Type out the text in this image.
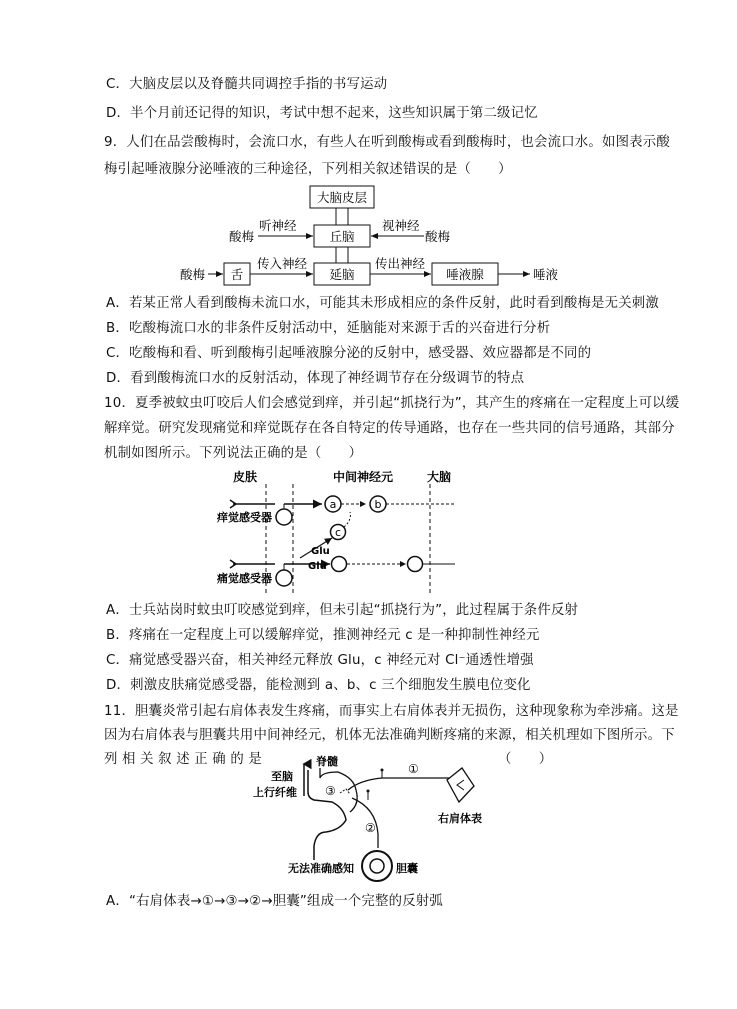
C．大脑皮层以及脊髓共同调控手指的书写运动
D．半个月前还记得的知识，考试中想不起来，这些知识属于第二级记忆
9．人们在品尝酸梅时，会流口水，有些人在听到酸梅或看到酸梅时，也会流口水。如图表示酸
梅引起唾液腺分泌唾液的三种途径，下列相关叙述错误的是（　　）
大脑皮层
丘脑
延脑
舌	唾液腺
酸梅
听神经
酸梅
视神经
酸梅
传入神经	传出神经
唾液
A．若某正常人看到酸梅未流口水，可能其未形成相应的条件反射，此时看到酸梅是无关刺激
B．吃酸梅流口水的非条件反射活动中，延脑能对来源于舌的兴奋进行分析
C．吃酸梅和看、听到酸梅引起唾液腺分泌的反射中，感受器、效应器都是不同的
D．看到酸梅流口水的反射活动，体现了神经调节存在分级调节的特点
10．夏季被蚊虫叮咬后人们会感觉到痒，并引起“抓挠行为”，其产生的疼痛在一定程度上可以缓
解痒觉。研究发现痛觉和痒觉既存在各自特定的传导通路，也存在一些共同的信号通路，其部分
机制如图所示。下列说法正确的是（　　）
皮肤	中间神经元	大脑
痒觉感受器
a	b
c
痛觉感受器
Glu
Glu
A．士兵站岗时蚊虫叮咬感觉到痒，但未引起“抓挠行为”，此过程属于条件反射
B．疼痛在一定程度上可以缓解痒觉，推测神经元 c 是一种抑制性神经元
C．痛觉感受器兴奋，相关神经元释放 Glu，c 神经元对 Cl⁻通透性增强
D．刺激皮肤痛觉感受器，能检测到 a、b、c 三个细胞发生膜电位变化
11．胆囊炎常引起右肩体表发生疼痛，而事实上右肩体表并无损伤，这种现象称为牵涉痛。这是
因为右肩体表与胆囊共用中间神经元，机体无法准确判断疼痛的来源，相关机理如下图所示。下
列 相 关 叙 述 正 确 的 是	（　　）
脊髓
至脑
上行纤维 ③
①
右肩体表
②
无法准确感知	胆囊
A．“右肩体表→①→③→②→胆囊”组成一个完整的反射弧
